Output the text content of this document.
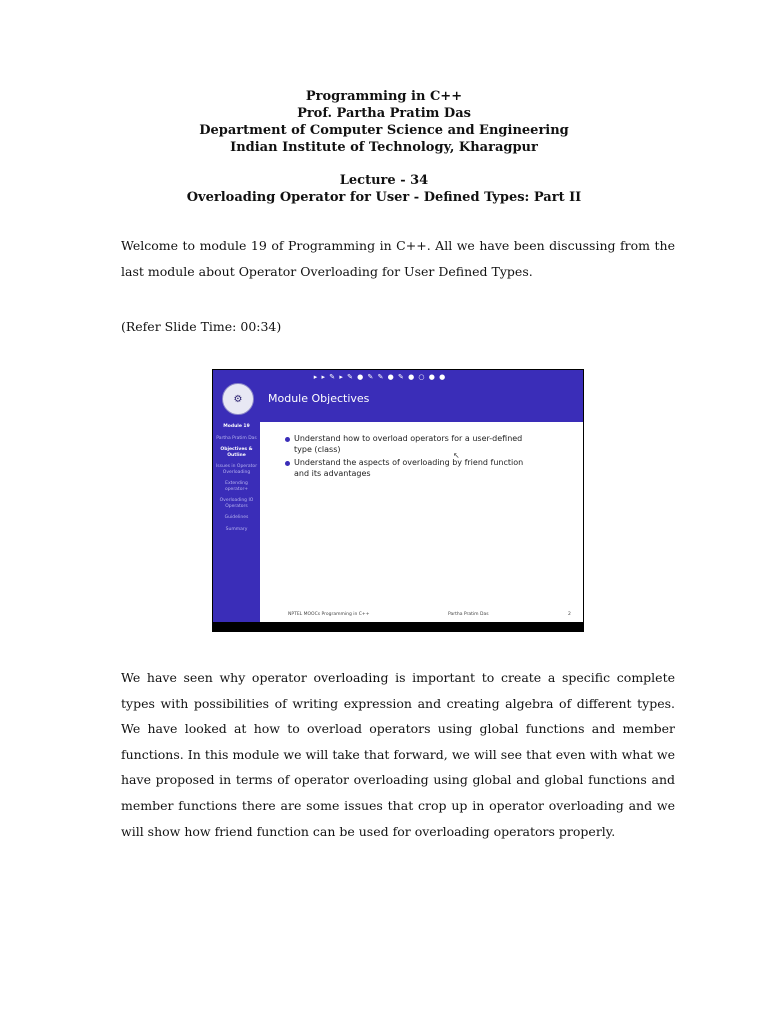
Programming in C++
Prof. Partha Pratim Das
Department of Computer Science and Engineering
Indian Institute of Technology, Kharagpur
Lecture - 34
Overloading Operator for User - Defined Types: Part II
Welcome to module 19 of Programming in C++. All we have been discussing from the last module about Operator Overloading for User Defined Types.
(Refer Slide Time: 00:34)
Module Objectives
▸ ▸ ✎ ▸ ✎ ● ✎ ✎ ● ✎ ● ○ ● ●
⚙
Module 19
Partha Pratim Das
Objectives & Outline
Issues in Operator Overloading
Extending operator+
Overloading IO Operators
Guidelines
Summary
Understand how to overload operators for a user-defined type (class)
Understand the aspects of overloading by friend function and its advantages
↖
NPTEL MOOCs Programming in C++	Partha Pratim Das	2
We have seen why operator overloading is important to create a specific complete types with possibilities of writing expression and creating algebra of different types. We have looked at how to overload operators using global functions and member functions. In this module we will take that forward, we will see that even with what we have proposed in terms of operator overloading using global and global functions and member functions there are some issues that crop up in operator overloading and we will show how friend function can be used for overloading operators properly.
